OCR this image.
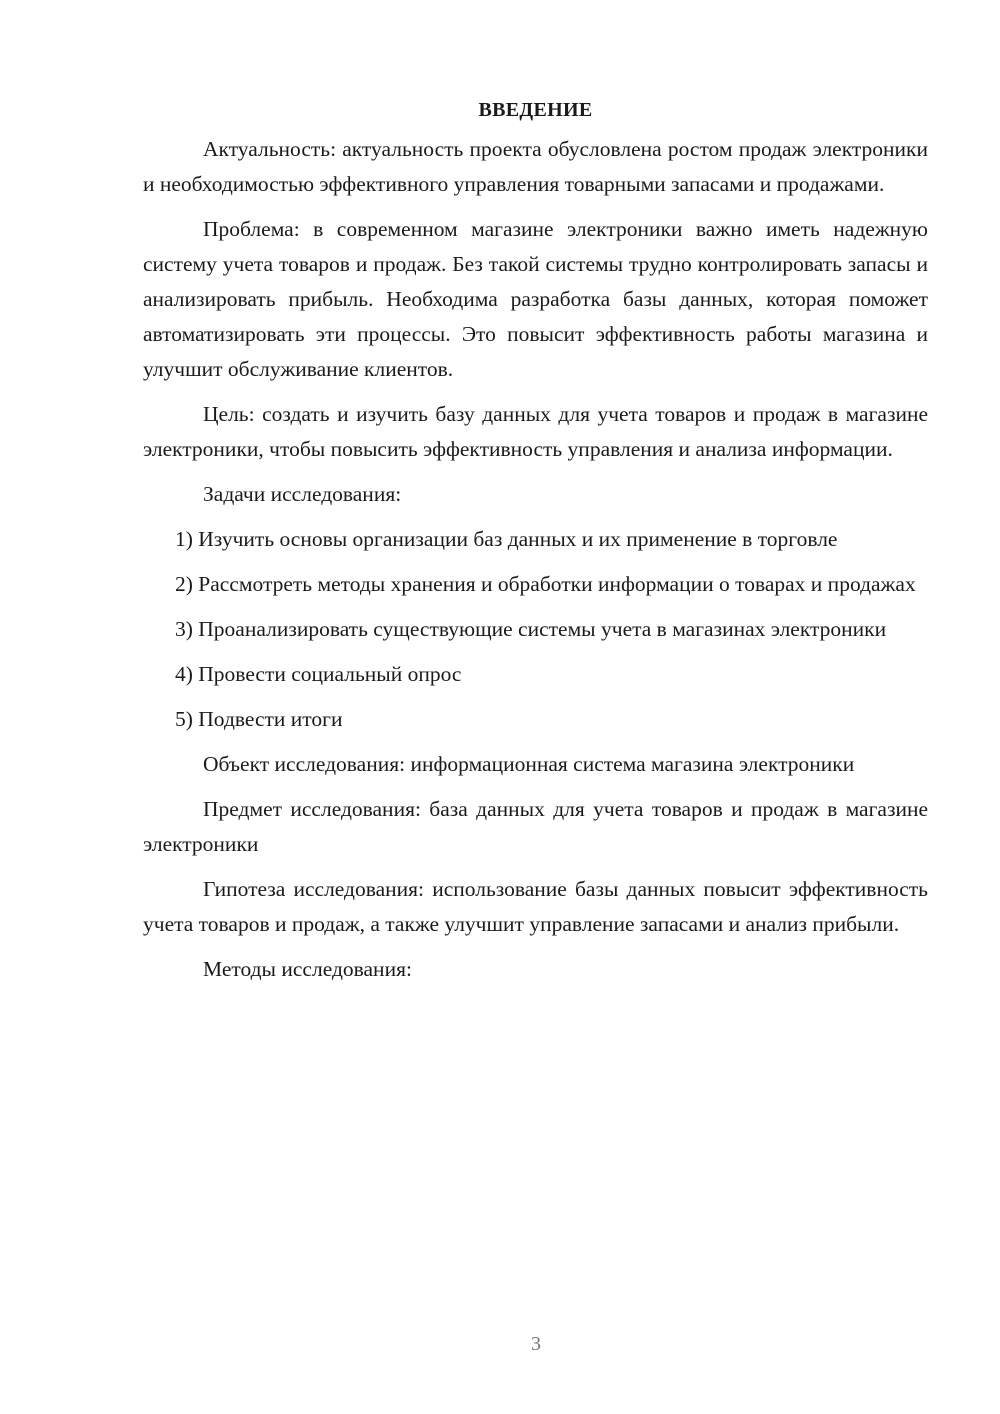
ВВЕДЕНИЕ

Актуальность: актуальность проекта обусловлена ростом продаж электроники и необходимостью эффективного управления товарными запасами и продажами.

Проблема: в современном магазине электроники важно иметь надежную систему учета товаров и продаж. Без такой системы трудно контролировать запасы и анализировать прибыль. Необходима разработка базы данных, которая поможет автоматизировать эти процессы. Это повысит эффективность работы магазина и улучшит обслуживание клиентов.

Цель: создать и изучить базу данных для учета товаров и продаж в магазине электроники, чтобы повысить эффективность управления и анализа информации.

Задачи исследования:

1) Изучить основы организации баз данных и их применение в торговле

2) Рассмотреть методы хранения и обработки информации о товарах и продажах

3) Проанализировать существующие системы учета в магазинах электроники

4) Провести социальный опрос

5) Подвести итоги

Объект исследования: информационная система магазина электроники

Предмет исследования: база данных для учета товаров и продаж в магазине электроники

Гипотеза исследования: использование базы данных повысит эффективность учета товаров и продаж, а также улучшит управление запасами и анализ прибыли.

Методы исследования:

3
